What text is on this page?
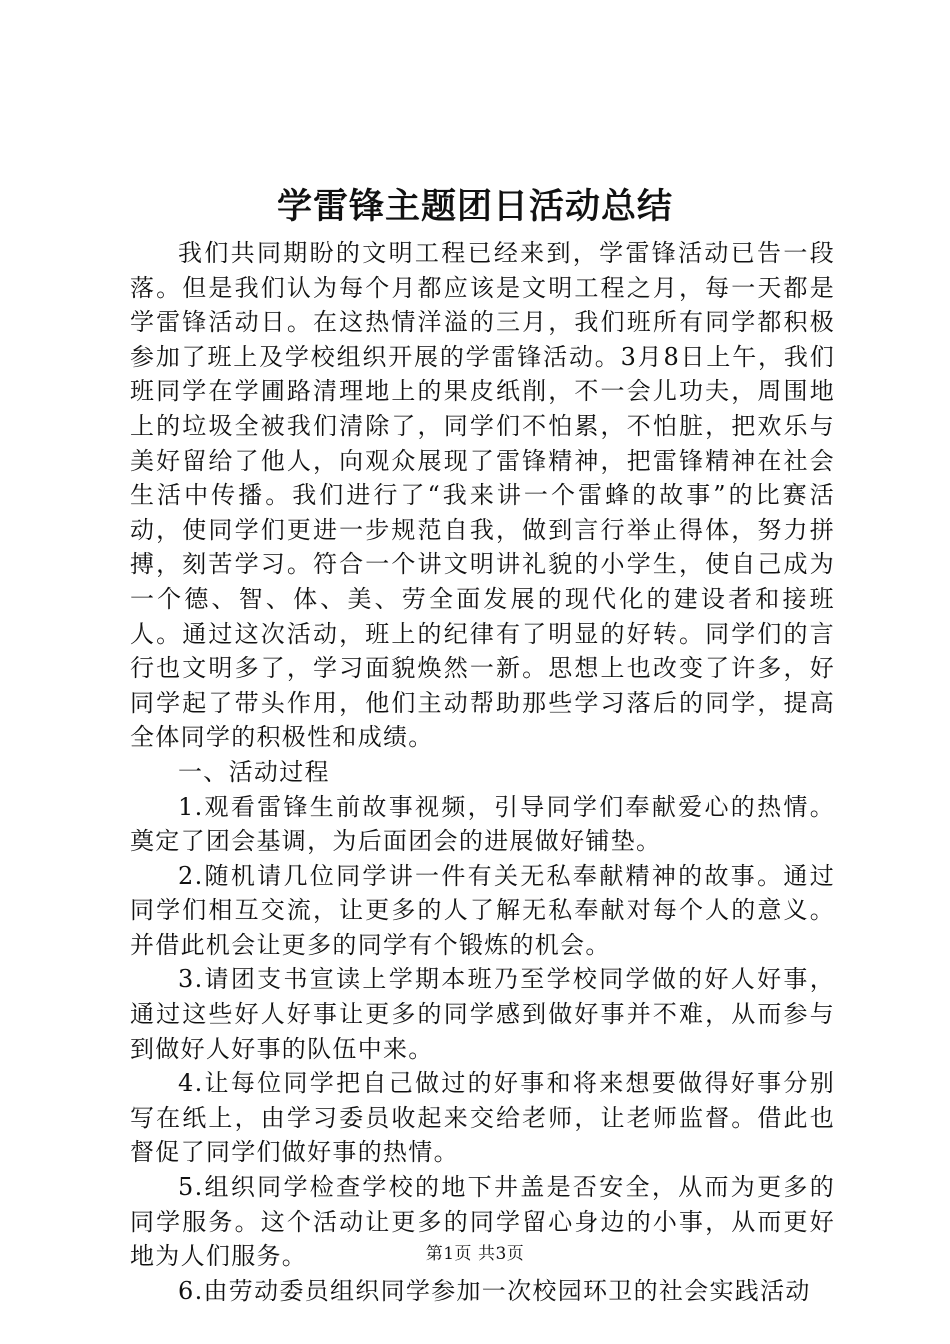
学雷锋主题团日活动总结

我们共同期盼的文明工程已经来到，学雷锋活动已告一段落。但是我们认为每个月都应该是文明工程之月，每一天都是学雷锋活动日。在这热情洋溢的三月，我们班所有同学都积极参加了班上及学校组织开展的学雷锋活动。3月8日上午，我们班同学在学圃路清理地上的果皮纸削，不一会儿功夫，周围地上的垃圾全被我们清除了，同学们不怕累，不怕脏，把欢乐与美好留给了他人，向观众展现了雷锋精神，把雷锋精神在社会生活中传播。我们进行了“我来讲一个雷蜂的故事”的比赛活动，使同学们更进一步规范自我，做到言行举止得体，努力拼搏，刻苦学习。符合一个讲文明讲礼貌的小学生，使自己成为一个德、智、体、美、劳全面发展的现代化的建设者和接班人。通过这次活动，班上的纪律有了明显的好转。同学们的言行也文明多了，学习面貌焕然一新。思想上也改变了许多，好同学起了带头作用，他们主动帮助那些学习落后的同学，提高全体同学的积极性和成绩。

一、活动过程

1.观看雷锋生前故事视频，引导同学们奉献爱心的热情。奠定了团会基调，为后面团会的进展做好铺垫。

2.随机请几位同学讲一件有关无私奉献精神的故事。通过同学们相互交流，让更多的人了解无私奉献对每个人的意义。并借此机会让更多的同学有个锻炼的机会。

3.请团支书宣读上学期本班乃至学校同学做的好人好事，通过这些好人好事让更多的同学感到做好事并不难，从而参与到做好人好事的队伍中来。

4.让每位同学把自己做过的好事和将来想要做得好事分别写在纸上，由学习委员收起来交给老师，让老师监督。借此也督促了同学们做好事的热情。

5.组织同学检查学校的地下井盖是否安全，从而为更多的同学服务。这个活动让更多的同学留心身边的小事，从而更好地为人们服务。

6.由劳动委员组织同学参加一次校园环卫的社会实践活动

第1页 共3页
